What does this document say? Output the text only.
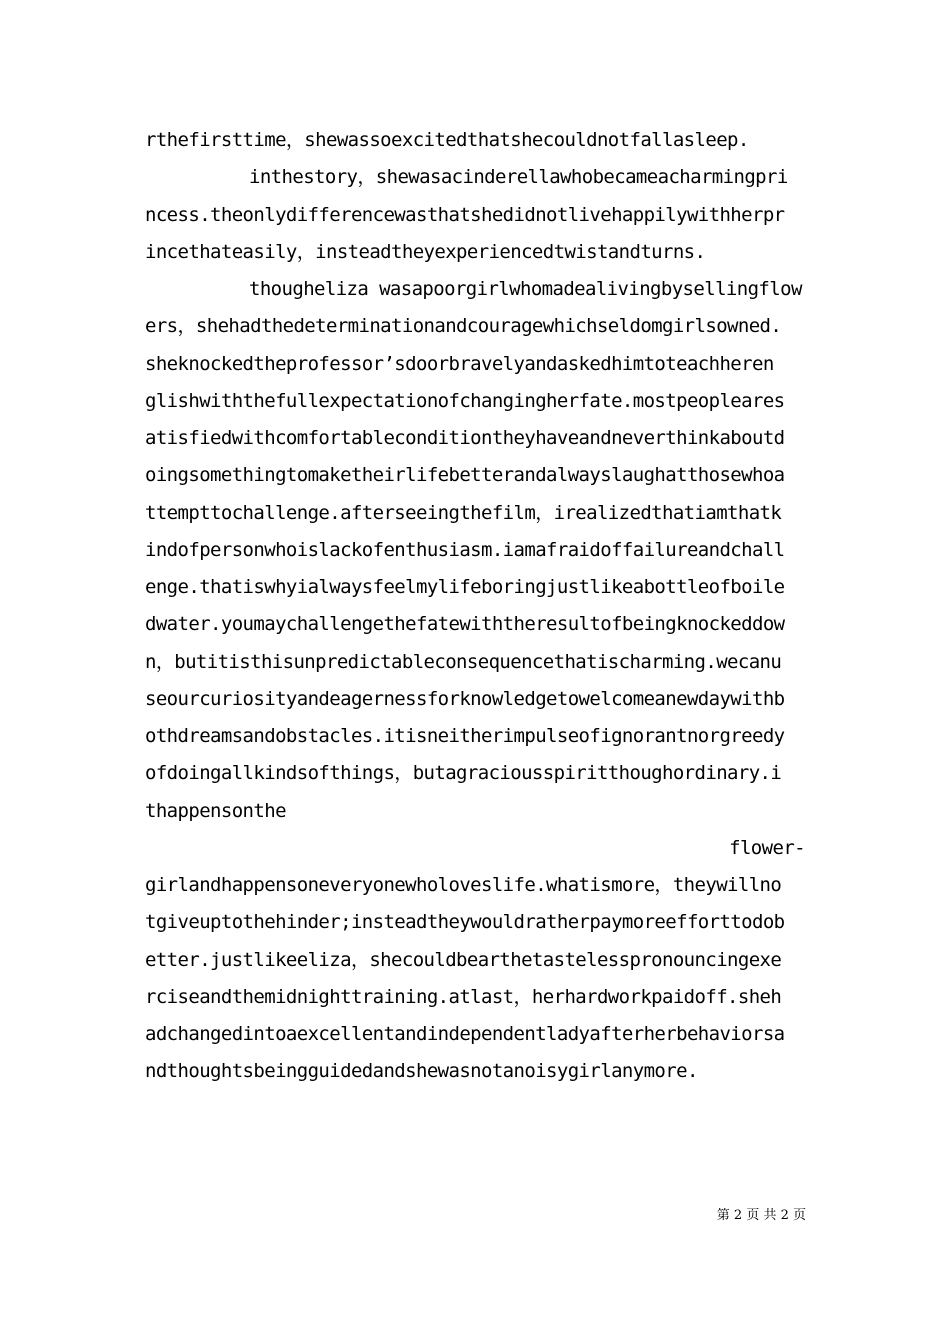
rthefirsttime，shewassoexcitedthatshecouldnotfallasleep.
inthestory，shewasacinderellawhobecameacharmingpri
ncess.theonlydifferencewasthatshedidnotlivehappilywithherpr
incethateasily，insteadtheyexperiencedtwistandturns.
thougheliza wasapoorgirlwhomadealivingbysellingflow
ers，shehadthedeterminationandcouragewhichseldomgirlsowned.
sheknockedtheprofessor’sdoorbravelyandaskedhimtoteachheren
glishwiththefullexpectationofchangingherfate.mostpeopleares
atisfiedwithcomfortableconditiontheyhaveandneverthinkaboutd
oingsomethingtomaketheirlifebetterandalwayslaughatthosewhoa
ttempttochallenge.afterseeingthefilm，irealizedthatiamthatk
indofpersonwhoislackofenthusiasm.iamafraidoffailureandchall
enge.thatiswhyialwaysfeelmylifeboringjustlikeabottleofboile
dwater.youmaychallengethefatewiththeresultofbeingknockeddow
n，butitisthisunpredictableconsequencethatischarming.wecanu
seourcuriosityandeagernessforknowledgetowelcomeanewdaywithb
othdreamsandobstacles.itisneitherimpulseofignorantnorgreedy
ofdoingallkindsofthings，butagraciousspiritthoughordinary.i
thappensonthe
flower-
girlandhappensoneveryonewholoveslife.whatismore，theywillno
tgiveuptothehinder;insteadtheywouldratherpaymoreefforttodob
etter.justlikeeliza，shecouldbearthetastelesspronouncingexe
rciseandthemidnighttraining.atlast，herhardworkpaidoff.sheh
adchangedintoaexcellentandindependentladyafterherbehaviorsa
ndthoughtsbeingguidedandshewasnotanoisygirlanymore.
第 2 页 共 2 页
